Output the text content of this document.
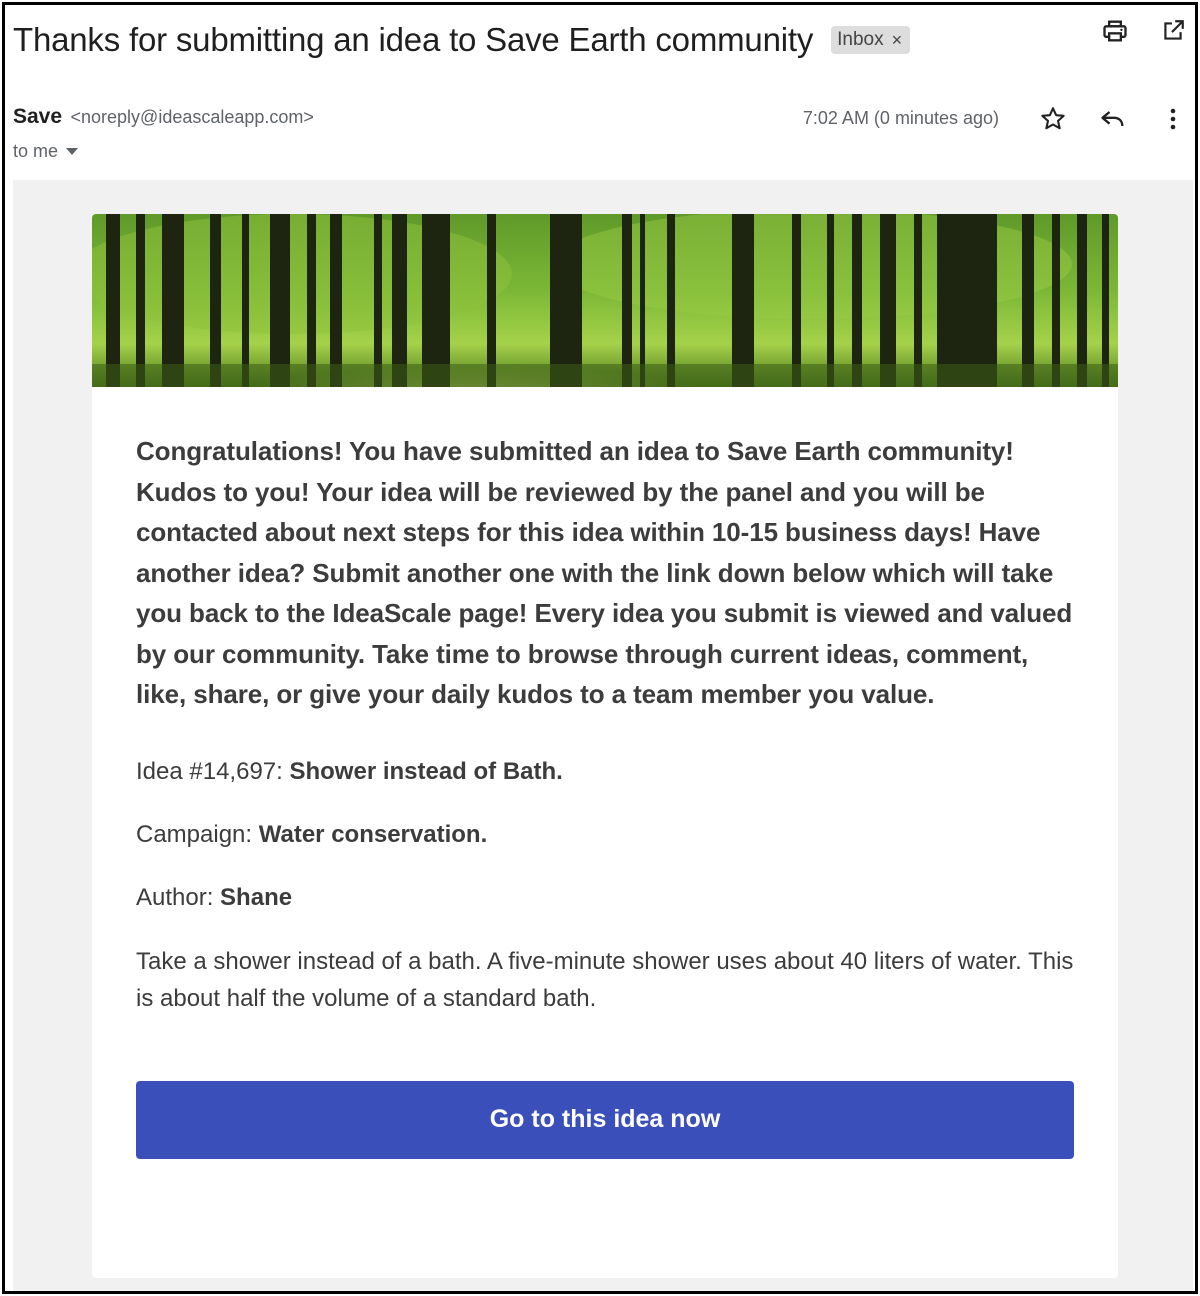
Thanks for submitting an idea to Save Earth community Inbox ×
Save <noreply@ideascaleapp.com>
to me
7:02 AM (0 minutes ago)

Congratulations! You have submitted an idea to Save Earth community! Kudos to you! Your idea will be reviewed by the panel and you will be contacted about next steps for this idea within 10-15 business days! Have another idea? Submit another one with the link down below which will take you back to the IdeaScale page! Every idea you submit is viewed and valued by our community. Take time to browse through current ideas, comment, like, share, or give your daily kudos to a team member you value.

Idea #14,697: Shower instead of Bath.

Campaign: Water conservation.

Author: Shane

Take a shower instead of a bath. A five-minute shower uses about 40 liters of water. This is about half the volume of a standard bath.

Go to this idea now
